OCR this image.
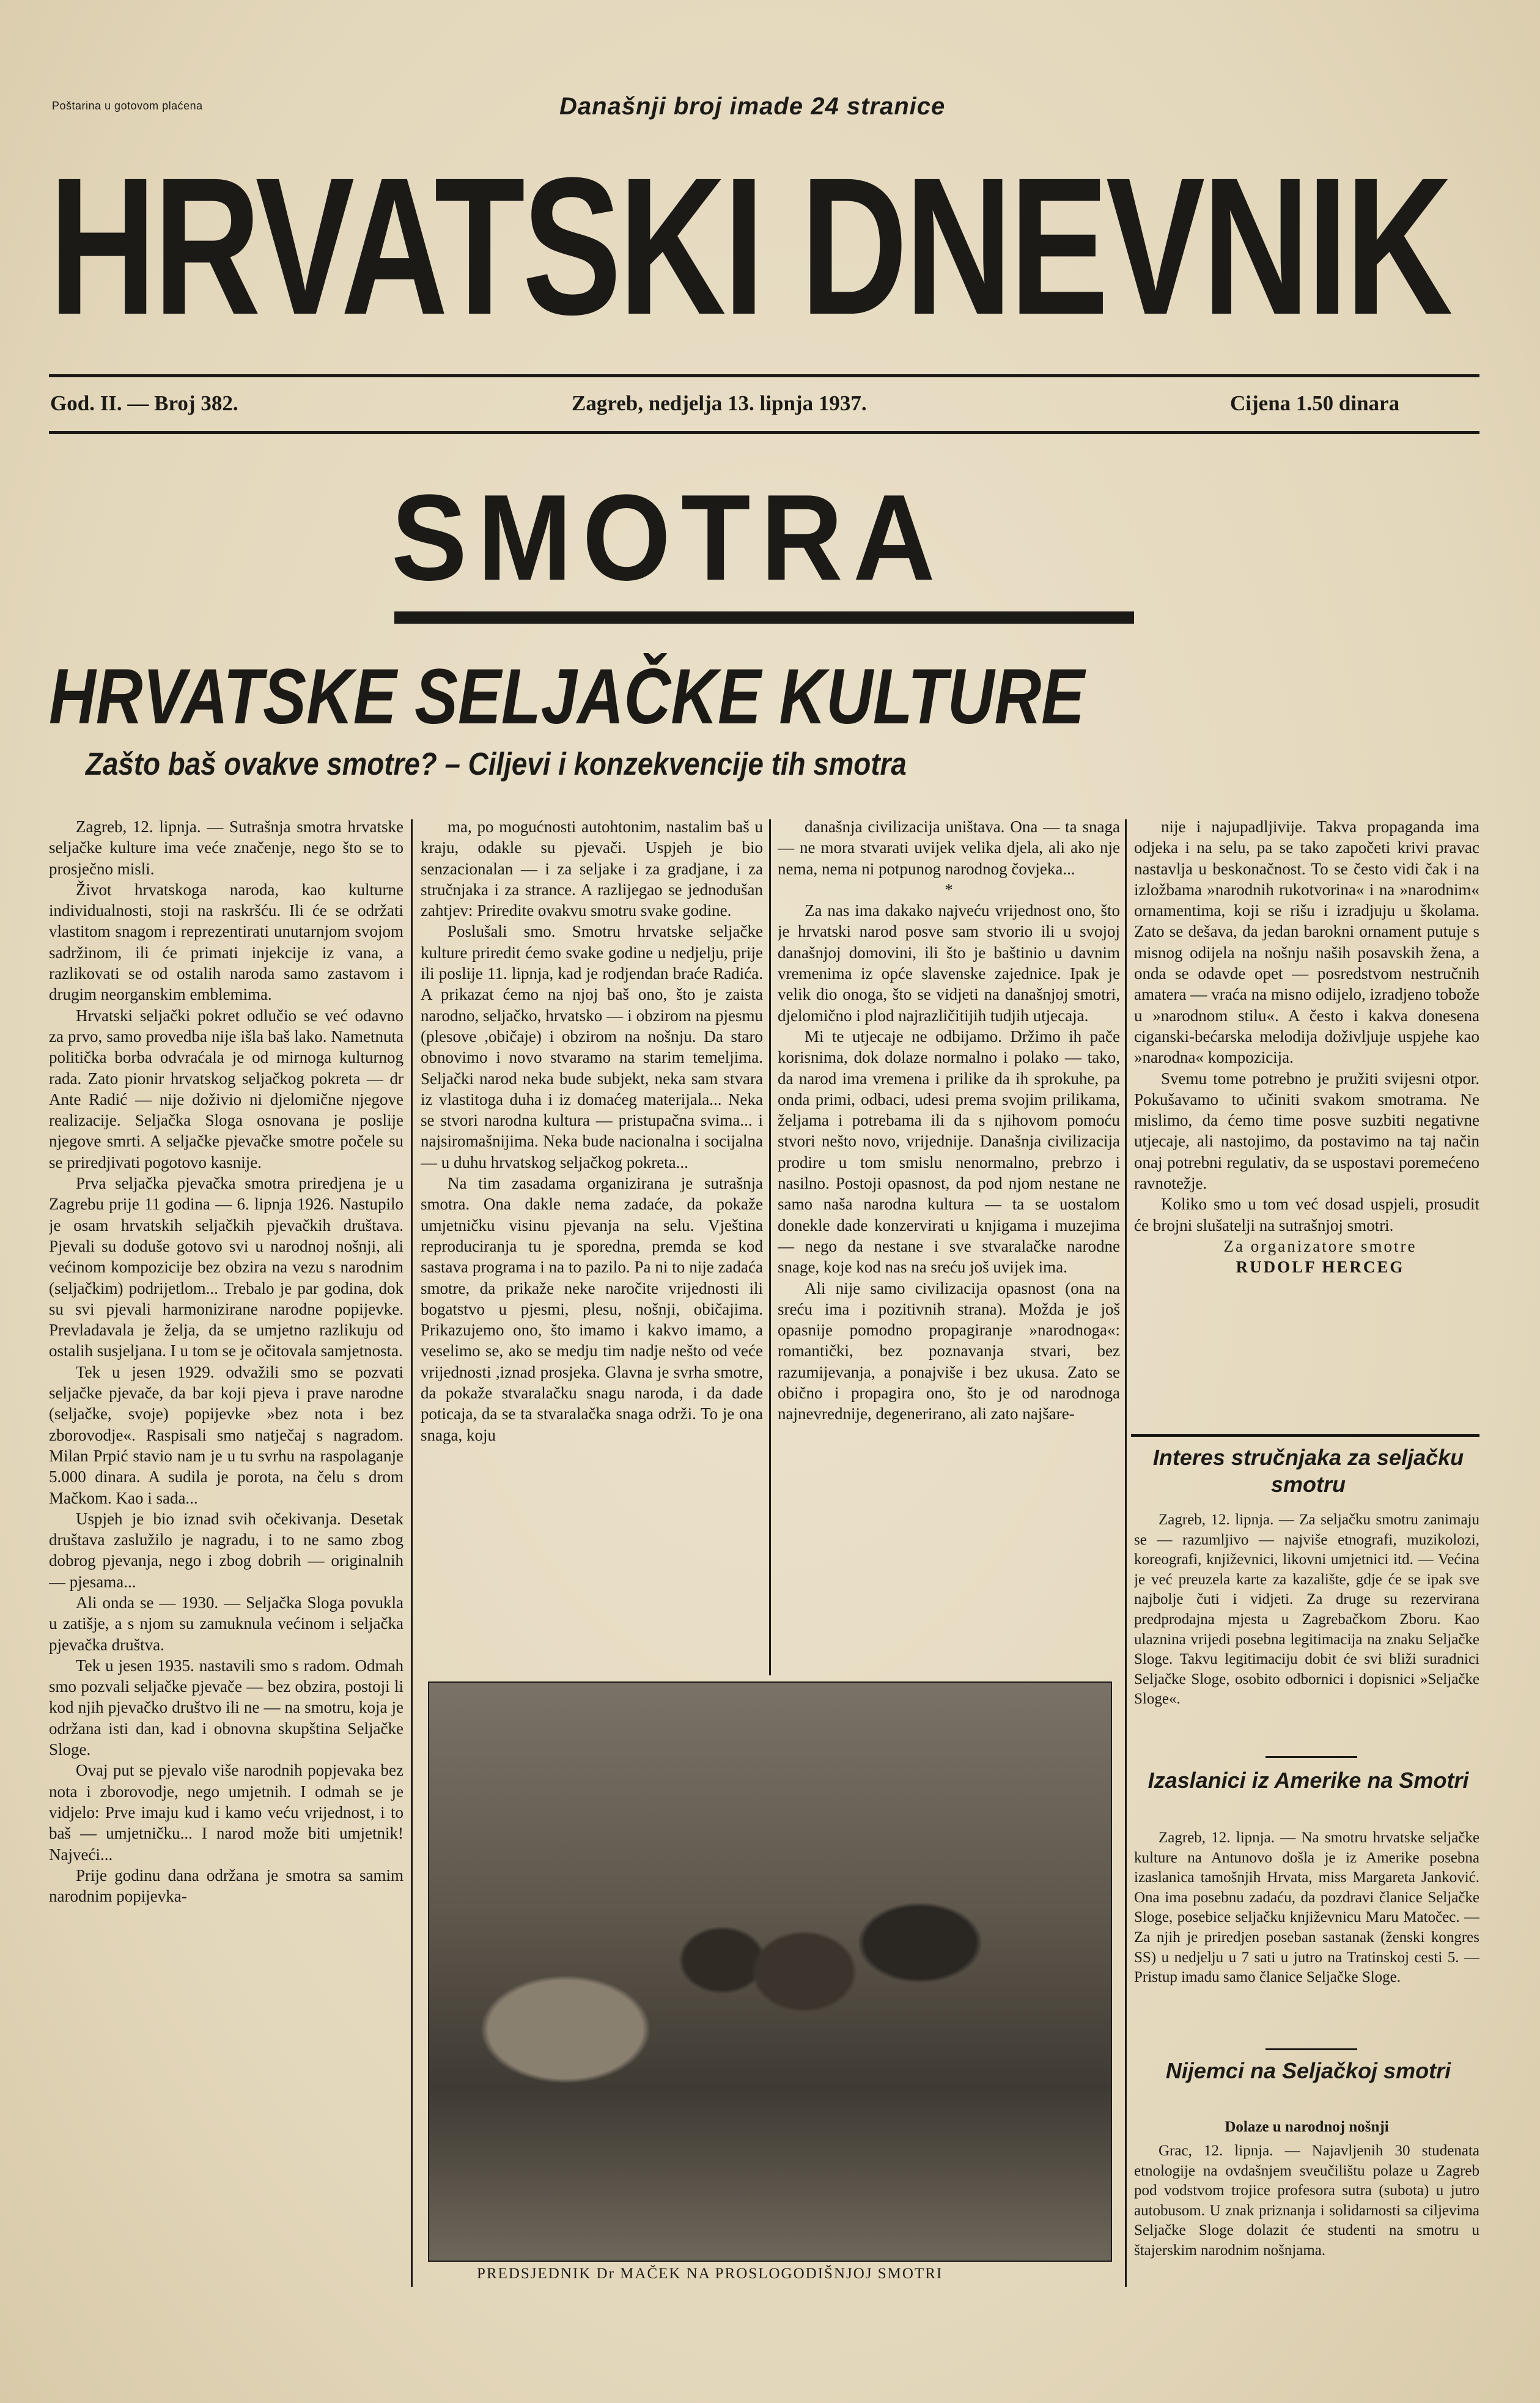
Poštarina u gotovom plaćena	Današnji broj imade 24 stranice
HRVATSKI DNEVNIK
God. II. — Broj 382.	Zagreb, nedjelja 13. lipnja 1937.	Cijena 1.50 dinara
SMOTRA
HRVATSKE SELJAČKE KULTURE
Zašto baš ovakve smotre? – Ciljevi i konzekvencije tih smotra

Zagreb, 12. lipnja. — Sutrašnja smotra hrvatske seljačke kulture ima veće značenje, nego što se to prosječno misli.

Život hrvatskoga naroda, kao kulturne individualnosti, stoji na raskršću. Ili će se održati vlastitom snagom i reprezentirati unutarnjom svojom sadržinom, ili će primati injekcije iz vana, a razlikovati se od ostalih naroda samo zastavom i drugim neorganskim emblemima.

Hrvatski seljački pokret odlučio se već odavno za prvo, samo provedba nije išla baš lako. Nametnuta politička borba odvraćala je od mirnoga kulturnog rada. Zato pionir hrvatskog seljačkog pokreta — dr Ante Radić — nije doživio ni djelomične njegove realizacije. Seljačka Sloga osnovana je poslije njegove smrti. A seljačke pjevačke smotre počele su se priredjivati pogotovo kasnije.

Prva seljačka pjevačka smotra priredjena je u Zagrebu prije 11 godina — 6. lipnja 1926. Nastupilo je osam hrvatskih seljačkih pjevačkih društava. Pjevali su doduše gotovo svi u narodnoj nošnji, ali većinom kompozicije bez obzira na vezu s narodnim (seljačkim) podrijetlom... Trebalo je par godina, dok su svi pjevali harmonizirane narodne popijevke. Prevladavala je želja, da se umjetno razlikuju od ostalih susjeljana. I u tom se je očitovala samjetnosta.

Tek u jesen 1929. odvažili smo se pozvati seljačke pjevače, da bar koji pjeva i prave narodne (seljačke, svoje) popijevke »bez nota i bez zborovodje«. Raspisali smo natječaj s nagradom. Milan Prpić stavio nam je u tu svrhu na raspolaganje 5.000 dinara. A sudila je porota, na čelu s drom Mačkom. Kao i sada...

Uspjeh je bio iznad svih očekivanja. Desetak društava zaslužilo je nagradu, i to ne samo zbog dobrog pjevanja, nego i zbog dobrih — originalnih — pjesama...

Ali onda se — 1930. — Seljačka Sloga povukla u zatišje, a s njom su zamuknula većinom i seljačka pjevačka društva.

Tek u jesen 1935. nastavili smo s radom. Odmah smo pozvali seljačke pjevače — bez obzira, postoji li kod njih pjevačko društvo ili ne — na smotru, koja je održana isti dan, kad i obnovna skupština Seljačke Sloge.

Ovaj put se pjevalo više narodnih popjevaka bez nota i zborovodje, nego umjetnih. I odmah se je vidjelo: Prve imaju kud i kamo veću vrijednost, i to baš — umjetničku... I narod može biti umjetnik! Najveći...

Prije godinu dana održana je smotra sa samim narodnim popijevka-

ma, po mogućnosti autohtonim, nastalim baš u kraju, odakle su pjevači. Uspjeh je bio senzacionalan — i za seljake i za gradjane, i za stručnjaka i za strance. A razlijegao se jednodušan zahtjev: Priredite ovakvu smotru svake godine.

Poslušali smo. Smotru hrvatske seljačke kulture priredit ćemo svake godine u nedjelju, prije ili poslije 11. lipnja, kad je rodjendan braće Radića. A prikazat ćemo na njoj baš ono, što je zaista narodno, seljačko, hrvatsko — i obzirom na pjesmu (plesove ,običaje) i obzirom na nošnju. Da staro obnovimo i novo stvaramo na starim temeljima. Seljački narod neka bude subjekt, neka sam stvara iz vlastitoga duha i iz domaćeg materijala... Neka se stvori narodna kultura — pristupačna svima... i najsiromašnijima. Neka bude nacionalna i socijalna — u duhu hrvatskog seljačkog pokreta...

Na tim zasadama organizirana je sutrašnja smotra. Ona dakle nema zadaće, da pokaže umjetničku visinu pjevanja na selu. Vještina reproduciranja tu je sporedna, premda se kod sastava programa i na to pazilo. Pa ni to nije zadaća smotre, da prikaže neke naročite vrijednosti ili bogatstvo u pjesmi, plesu, nošnji, običajima. Prikazujemo ono, što imamo i kakvo imamo, a veselimo se, ako se medju tim nadje nešto od veće vrijednosti ,iznad prosjeka. Glavna je svrha smotre, da pokaže stvaralačku snagu naroda, i da dade poticaja, da se ta stvaralačka snaga održi. To je ona snaga, koju

današnja civilizacija uništava. Ona — ta snaga — ne mora stvarati uvijek velika djela, ali ako nje nema, nema ni potpunog narodnog čovjeka...

*

Za nas ima dakako najveću vrijednost ono, što je hrvatski narod posve sam stvorio ili u svojoj današnjoj domovini, ili što je baštinio u davnim vremenima iz opće slavenske zajednice. Ipak je velik dio onoga, što se vidjeti na današnjoj smotri, djelomično i plod najrazličitijih tudjih utjecaja.

Mi te utjecaje ne odbijamo. Držimo ih pače korisnima, dok dolaze normalno i polako — tako, da narod ima vremena i prilike da ih sprokuhe, pa onda primi, odbaci, udesi prema svojim prilikama, željama i potrebama ili da s njihovom pomoću stvori nešto novo, vrijednije. Današnja civilizacija prodire u tom smislu nenormalno, prebrzo i nasilno. Postoji opasnost, da pod njom nestane ne samo naša narodna kultura — ta se uostalom donekle dade konzervirati u knjigama i muzejima — nego da nestane i sve stvaralačke narodne snage, koje kod nas na sreću još uvijek ima.

Ali nije samo civilizacija opasnost (ona na sreću ima i pozitivnih strana). Možda je još opasnije pomodno propagiranje »narodnoga«: romantički, bez poznavanja stvari, bez razumijevanja, a ponajviše i bez ukusa. Zato se obično i propagira ono, što je od narodnoga najnevrednije, degenerirano, ali zato najšare-

nije i najupadljivije. Takva propaganda ima odjeka i na selu, pa se tako započeti krivi pravac nastavlja u beskonačnost. To se često vidi čak i na izložbama »narodnih rukotvorina« i na »narodnim« ornamentima, koji se rišu i izradjuju u školama. Zato se dešava, da jedan barokni ornament putuje s misnog odijela na nošnju naših posavskih žena, a onda se odavde opet — posredstvom nestručnih amatera — vraća na misno odijelo, izradjeno tobože u »narodnom stilu«. A često i kakva donesena ciganski-bećarska melodija doživljuje uspjehe kao »narodna« kompozicija.

Svemu tome potrebno je pružiti svijesni otpor. Pokušavamo to učiniti svakom smotrama. Ne mislimo, da ćemo time posve suzbiti negativne utjecaje, ali nastojimo, da postavimo na taj način onaj potrebni regulativ, da se uspostavi poremećeno ravnotežje.

Koliko smo u tom već dosad uspjeli, prosudit će brojni slušatelji na sutrašnjoj smotri.

Za organizatore smotre

RUDOLF HERCEG

PREDSJEDNIK Dr MAČEK NA PROSLOGODIŠNJOJ SMOTRI
Interes stručnjaka za seljačku smotru

Zagreb, 12. lipnja. — Za seljačku smotru zanimaju se — razumljivo — najviše etnografi, muzikolozi, koreografi, književnici, likovni umjetnici itd. — Većina je već preuzela karte za kazalište, gdje će se ipak sve najbolje čuti i vidjeti. Za druge su rezervirana predprodajna mjesta u Zagrebačkom Zboru. Kao ulaznina vrijedi posebna legitimacija na znaku Seljačke Sloge. Takvu legitimaciju dobit će svi bliži suradnici Seljačke Sloge, osobito odbornici i dopisnici »Seljačke Sloge«.

Izaslanici iz Amerike na Smotri

Zagreb, 12. lipnja. — Na smotru hrvatske seljačke kulture na Antunovo došla je iz Amerike posebna izaslanica tamošnjih Hrvata, miss Margareta Janković. Ona ima posebnu zadaću, da pozdravi članice Seljačke Sloge, posebice seljačku književnicu Maru Matočec. — Za njih je priredjen poseban sastanak (ženski kongres SS) u nedjelju u 7 sati u jutro na Tratinskoj cesti 5. — Pristup imadu samo članice Seljačke Sloge.

Nijemci na Seljačkoj smotri
Dolaze u narodnoj nošnji

Grac, 12. lipnja. — Najavljenih 30 studenata etnologije na ovdašnjem sveučilištu polaze u Zagreb pod vodstvom trojice profesora sutra (subota) u jutro autobusom. U znak priznanja i solidarnosti sa ciljevima Seljačke Sloge dolazit će studenti na smotru u štajerskim narodnim nošnjama.
